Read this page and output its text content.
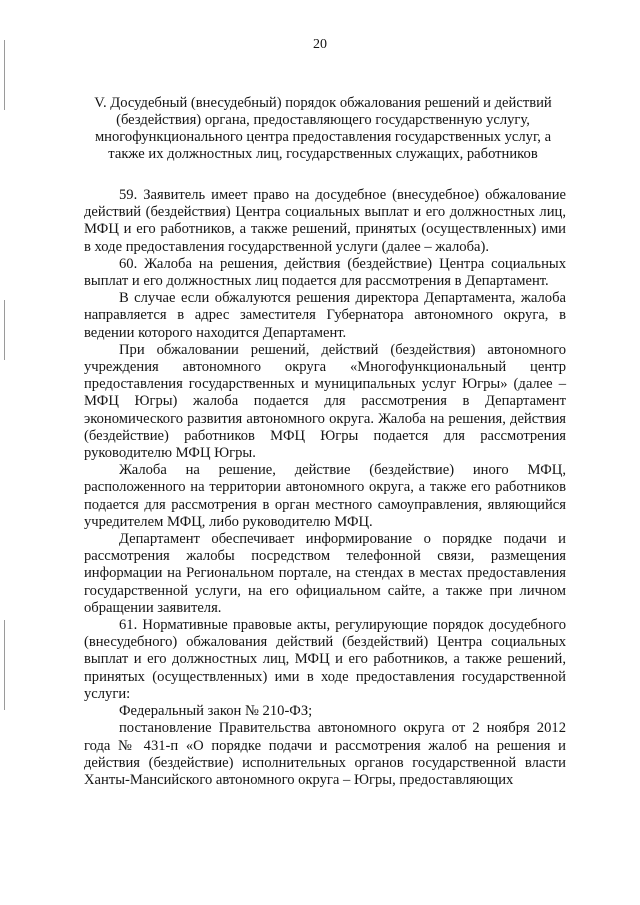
20
V. Досудебный (внесудебный) порядок обжалования решений и действий (бездействия) органа, предоставляющего государственную услугу, многофункционального центра предоставления государственных услуг, а также их должностных лиц, государственных служащих, работников

59. Заявитель имеет право на досудебное (внесудебное) обжалование действий (бездействия) Центра социальных выплат и его должностных лиц, МФЦ и его работников, а также решений, принятых (осуществленных) ими в ходе предоставления государственной услуги (далее – жалоба).

60. Жалоба на решения, действия (бездействие) Центра социальных выплат и его должностных лиц подается для рассмотрения в Департамент.

В случае если обжалуются решения директора Департамента, жалоба направляется в адрес заместителя Губернатора автономного округа, в ведении которого находится Департамент.

При обжаловании решений, действий (бездействия) автономного учреждения автономного округа «Многофункциональный центр предоставления государственных и муниципальных услуг Югры» (далее – МФЦ Югры) жалоба подается для рассмотрения в Департамент экономического развития автономного округа. Жалоба на решения, действия (бездействие) работников МФЦ Югры подается для рассмотрения руководителю МФЦ Югры.

Жалоба на решение, действие (бездействие) иного МФЦ, расположенного на территории автономного округа, а также его работников подается для рассмотрения в орган местного самоуправления, являющийся учредителем МФЦ, либо руководителю МФЦ.

Департамент обеспечивает информирование о порядке подачи и рассмотрения жалобы посредством телефонной связи, размещения информации на Региональном портале, на стендах в местах предоставления государственной услуги, на его официальном сайте, а также при личном обращении заявителя.

61. Нормативные правовые акты, регулирующие порядок досудебного (внесудебного) обжалования действий (бездействий) Центра социальных выплат и его должностных лиц, МФЦ и его работников, а также решений, принятых (осуществленных) ими в ходе предоставления государственной услуги:

Федеральный закон № 210-ФЗ;

постановление Правительства автономного округа от 2 ноября 2012 года № 431-п «О порядке подачи и рассмотрения жалоб на решения и действия (бездействие) исполнительных органов государственной власти Ханты-Мансийского автономного округа – Югры, предоставляющих
